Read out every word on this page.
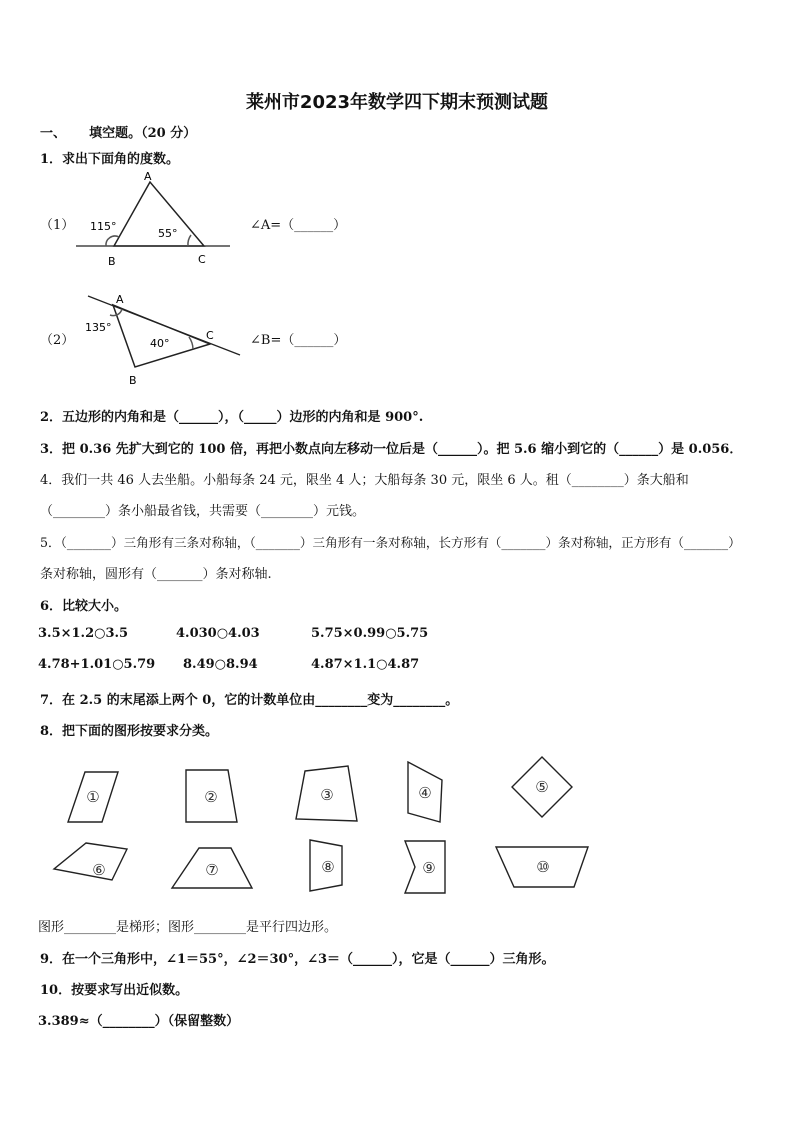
莱州市2023年数学四下期末预测试题
一、 填空题。（20 分）
1．求出下面角的度数。
（1）
A
B	C
115°
55°
∠A=（______）
（2）
A
B
C
135°
40°	∠B=（______）
2．五边形的内角和是（______），（_____）边形的内角和是 900°.
3．把 0.36 先扩大到它的 100 倍，再把小数点向左移动一位后是（______）。把 5.6 缩小到它的（______）是 0.056．
4．我们一共 46 人去坐船。小船每条 24 元，限坐 4 人；大船每条 30 元，限坐 6 人。租（________）条大船和
（________）条小船最省钱，共需要（________）元钱。
5．（_______）三角形有三条对称轴，（_______）三角形有一条对称轴，长方形有（_______）条对称轴，正方形有（_______）
条对称轴，圆形有（_______）条对称轴.
6．比较大小。
3.5×1.2○3.5	4.030○4.03	5.75×0.99○5.75
4.78+1.01○5.79 8.49○8.94	4.87×1.1○4.87
7．在 2.5 的末尾添上两个 0，它的计数单位由________变为________。
8．把下面的图形按要求分类。
①	②	③	④	⑤
⑥	⑦	⑧	⑨	⑩
图形________是梯形；图形________是平行四边形。
9．在一个三角形中，∠1＝55°，∠2＝30°，∠3＝（______），它是（______）三角形。
10．按要求写出近似数。
3.389≈（________）（保留整数）
